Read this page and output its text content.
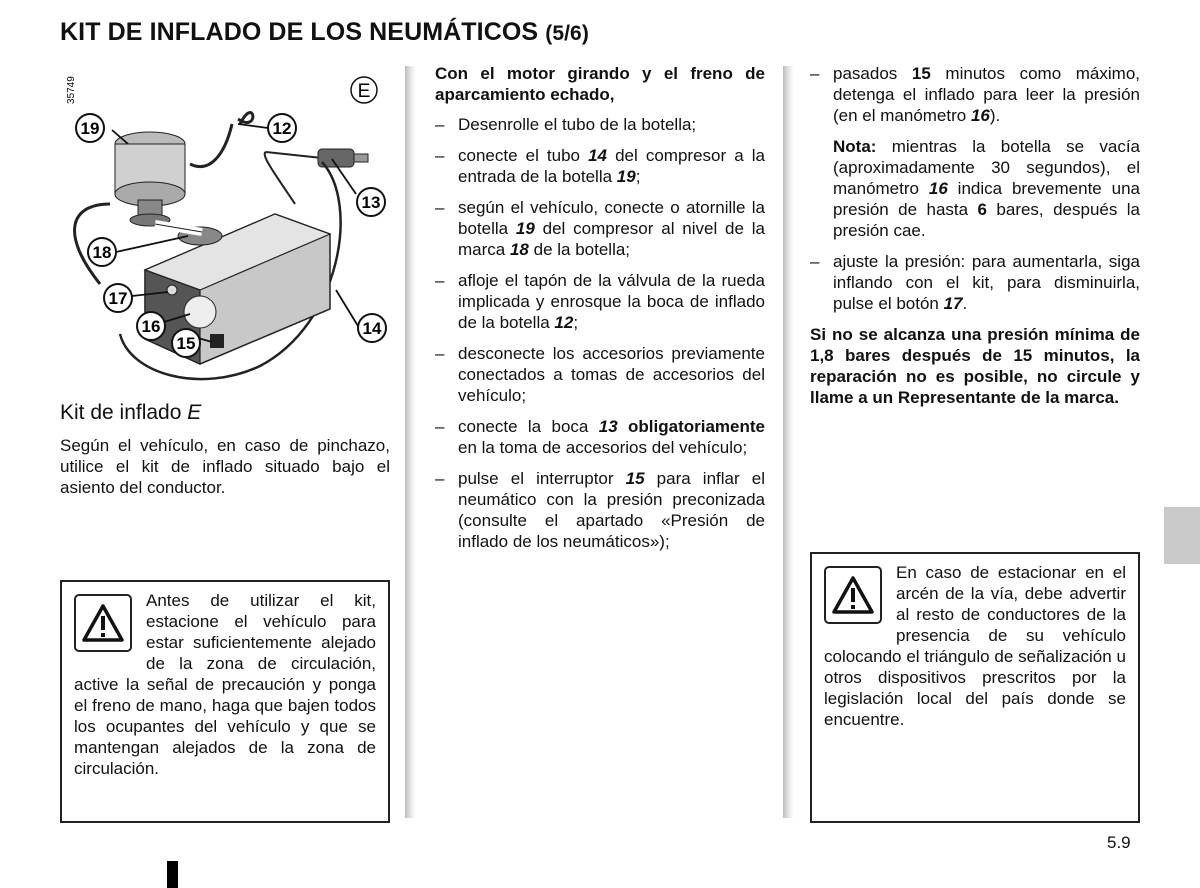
KIT DE INFLADO DE LOS NEUMÁTICOS (5/6)
35749	E
19	12
13
18
17
16
15
14
Kit de inflado E

Según el vehículo, en caso de pinchazo, utilice el kit de inflado situado bajo el asiento del conductor.

Antes de utilizar el kit, estacione el vehículo para estar suficientemente alejado de la zona de circulación, active la señal de precaución y ponga el freno de mano, haga que bajen todos los ocupantes del vehículo y que se mantengan alejados de la zona de circulación.

Con el motor girando y el freno de aparcamiento echado,

– Desenrolle el tubo de la botella;
– conecte el tubo 14 del compresor a la entrada de la botella 19;
– según el vehículo, conecte o atornille la botella 19 del compresor al nivel de la marca 18 de la botella;
– afloje el tapón de la válvula de la rueda implicada y enrosque la boca de inflado de la botella 12;
– desconecte los accesorios previamente conectados a tomas de accesorios del vehículo;
– conecte la boca 13 obligatoriamente en la toma de accesorios del vehículo;
– pulse el interruptor 15 para inflar el neumático con la presión preconizada (consulte el apartado «Presión de inflado de los neumáticos»);
– pasados 15 minutos como máximo, detenga el inflado para leer la presión (en el manómetro 16).

Nota: mientras la botella se vacía (aproximadamente 30 segundos), el manómetro 16 indica brevemente una presión de hasta 6 bares, después la presión cae.

– ajuste la presión: para aumentarla, siga inflando con el kit, para disminuirla, pulse el botón 17.

Si no se alcanza una presión mínima de 1,8 bares después de 15 minutos, la reparación no es posible, no circule y llame a un Representante de la marca.

En caso de estacionar en el arcén de la vía, debe advertir al resto de conductores de la presencia de su vehículo colocando el triángulo de señalización u otros dispositivos prescritos por la legislación local del país donde se encuentre.
5.9
